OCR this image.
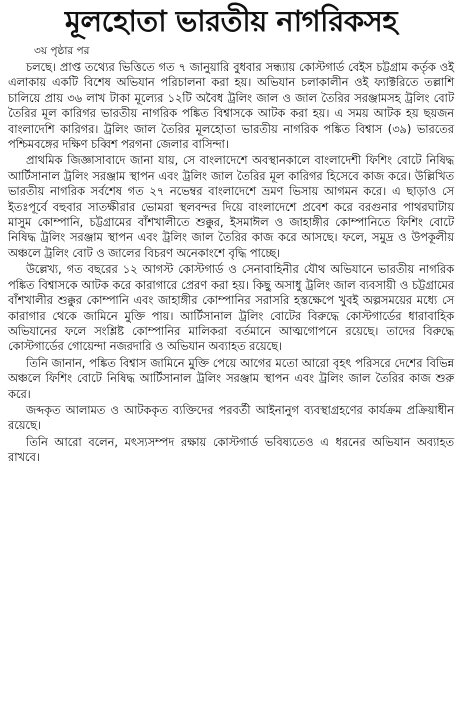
মূলহোতা ভারতীয় নাগরিকসহ
৩য় পৃষ্ঠার পর

চলছে। প্রাপ্ত তথ্যের ভিত্তিতে গত ৭ জানুয়ারি বুধবার সন্ধ্যায় কোস্টগার্ড বেইস চট্টগ্রাম কর্তৃক ওই এলাকায় একটি বিশেষ অভিযান পরিচালনা করা হয়। অভিযান চলাকালীন ওই ফ্যাক্টরিতে তল্লাশি চালিয়ে প্রায় ৩৬ লাখ টাকা মূল্যের ১২টি অবৈধ ট্রলিং জাল ও জাল তৈরির সরঞ্জামসহ ট্রলিং বোট তৈরির মূল কারিগর ভারতীয় নাগরিক পঙ্কিত বিশ্বাসকে আটক করা হয়। এ সময় আটক হয় ছয়জন বাংলাদেশি কারিগর। ট্রলিং জাল তৈরির মূলহোতা ভারতীয় নাগরিক পঙ্কিত বিশ্বাস (৩৯) ভারতের পশ্চিমবঙ্গের দক্ষিণ চব্বিশ পরগনা জেলার বাসিন্দা।

প্রাথমিক জিজ্ঞাসাবাদে জানা যায়, সে বাংলাদেশে অবস্থানকালে বাংলাদেশী ফিশিং বোটে নিষিদ্ধ আর্টিসানাল ট্রলিং সরঞ্জাম স্থাপন এবং ট্রলিং জাল তৈরির মূল কারিগর হিসেবে কাজ করে। উল্লিখিত ভারতীয় নাগরিক সর্বশেষ গত ২৭ নভেম্বর বাংলাদেশে ভ্রমণ ভিসায় আগমন করে। এ ছাড়াও সে ইতঃপূর্বে বহুবার সাতক্ষীরার ভোমরা স্থলবন্দর দিয়ে বাংলাদেশে প্রবেশ করে বরগুনার পাথরঘাটায় মাসুম কোম্পানি, চট্টগ্রামের বাঁশখালীতে শুক্কুর, ইসমাঈল ও জাহাঙ্গীর কোম্পানিতে ফিশিং বোটে নিষিদ্ধ ট্রলিং সরঞ্জাম স্থাপন এবং ট্রলিং জাল তৈরির কাজ করে আসছে। ফলে, সমুদ্র ও উপকূলীয় অঞ্চলে ট্রলিং বোট ও জালের বিচরণ অনেকাংশে বৃদ্ধি পাচ্ছে।

উল্লেখ্য, গত বছরের ১২ আগস্ট কোস্টগার্ড ও সেনাবাহিনীর যৌথ অভিযানে ভারতীয় নাগরিক পঙ্কিত বিশ্বাসকে আটক করে কারাগারে প্রেরণ করা হয়। কিছু অসাধু ট্রলিং জাল ব্যবসায়ী ও চট্টগ্রামের বাঁশখালীর শুক্কুর কোম্পানি এবং জাহাঙ্গীর কোম্পানির সরাসরি হস্তক্ষেপে খুবই অল্পসময়ের মধ্যে সে কারাগার থেকে জামিনে মুক্তি পায়। আর্টিসানাল ট্রলিং বোটের বিরুদ্ধে কোস্টগার্ডের ধারাবাহিক অভিযানের ফলে সংশ্লিষ্ট কোম্পানির মালিকরা বর্তমানে আত্মগোপনে রয়েছে। তাদের বিরুদ্ধে কোস্টগার্ডের গোয়েন্দা নজরদারি ও অভিযান অব্যাহত রয়েছে।

তিনি জানান, পঙ্কিত বিশ্বাস জামিনে মুক্তি পেয়ে আগের মতো আরো বৃহৎ পরিসরে দেশের বিভিন্ন অঞ্চলে ফিশিং বোটে নিষিদ্ধ আর্টিসানাল ট্রলিং সরঞ্জাম স্থাপন এবং ট্রলিং জাল তৈরির কাজ শুরু করে।

জব্দকৃত আলামত ও আটককৃত ব্যক্তিদের পরবর্তী আইনানুগ ব্যবস্থাগ্রহণের কার্যক্রম প্রক্রিয়াধীন রয়েছে।

তিনি আরো বলেন, মৎস্যসম্পদ রক্ষায় কোস্টগার্ড ভবিষ্যতেও এ ধরনের অভিযান অব্যাহত রাখবে।
